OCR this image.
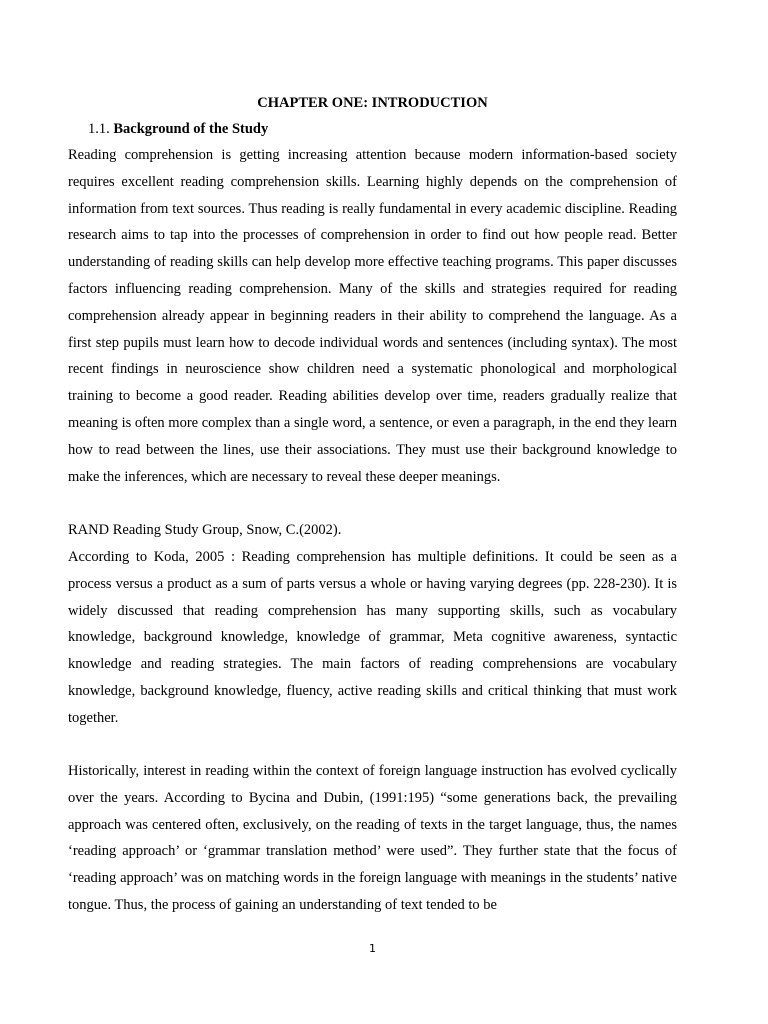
CHAPTER ONE: INTRODUCTION
1.1. Background of the Study

Reading comprehension is getting increasing attention because modern information-based society requires excellent reading comprehension skills. Learning highly depends on the comprehension of information from text sources. Thus reading is really fundamental in every academic discipline. Reading research aims to tap into the processes of comprehension in order to find out how people read. Better understanding of reading skills can help develop more effective teaching programs. This paper discusses factors influencing reading comprehension. Many of the skills and strategies required for reading comprehension already appear in beginning readers in their ability to comprehend the language. As a first step pupils must learn how to decode individual words and sentences (including syntax). The most recent findings in neuroscience show children need a systematic phonological and morphological training to become a good reader. Reading abilities develop over time, readers gradually realize that meaning is often more complex than a single word, a sentence, or even a paragraph, in the end they learn how to read between the lines, use their associations. They must use their background knowledge to make the inferences, which are necessary to reveal these deeper meanings.

RAND Reading Study Group, Snow, C.(2002).

According to Koda, 2005 : Reading comprehension has multiple definitions. It could be seen as a process versus a product as a sum of parts versus a whole or having varying degrees (pp. 228-230). It is widely discussed that reading comprehension has many supporting skills, such as vocabulary knowledge, background knowledge, knowledge of grammar, Meta cognitive awareness, syntactic knowledge and reading strategies. The main factors of reading comprehensions are vocabulary knowledge, background knowledge, fluency, active reading skills and critical thinking that must work together.

Historically, interest in reading within the context of foreign language instruction has evolved cyclically over the years. According to Bycina and Dubin, (1991:195) “some generations back, the prevailing approach was centered often, exclusively, on the reading of texts in the target language, thus, the names ‘reading approach’ or ‘grammar translation method’ were used”. They further state that the focus of ‘reading approach’ was on matching words in the foreign language with meanings in the students’ native tongue. Thus, the process of gaining an understanding of text tended to be

1
